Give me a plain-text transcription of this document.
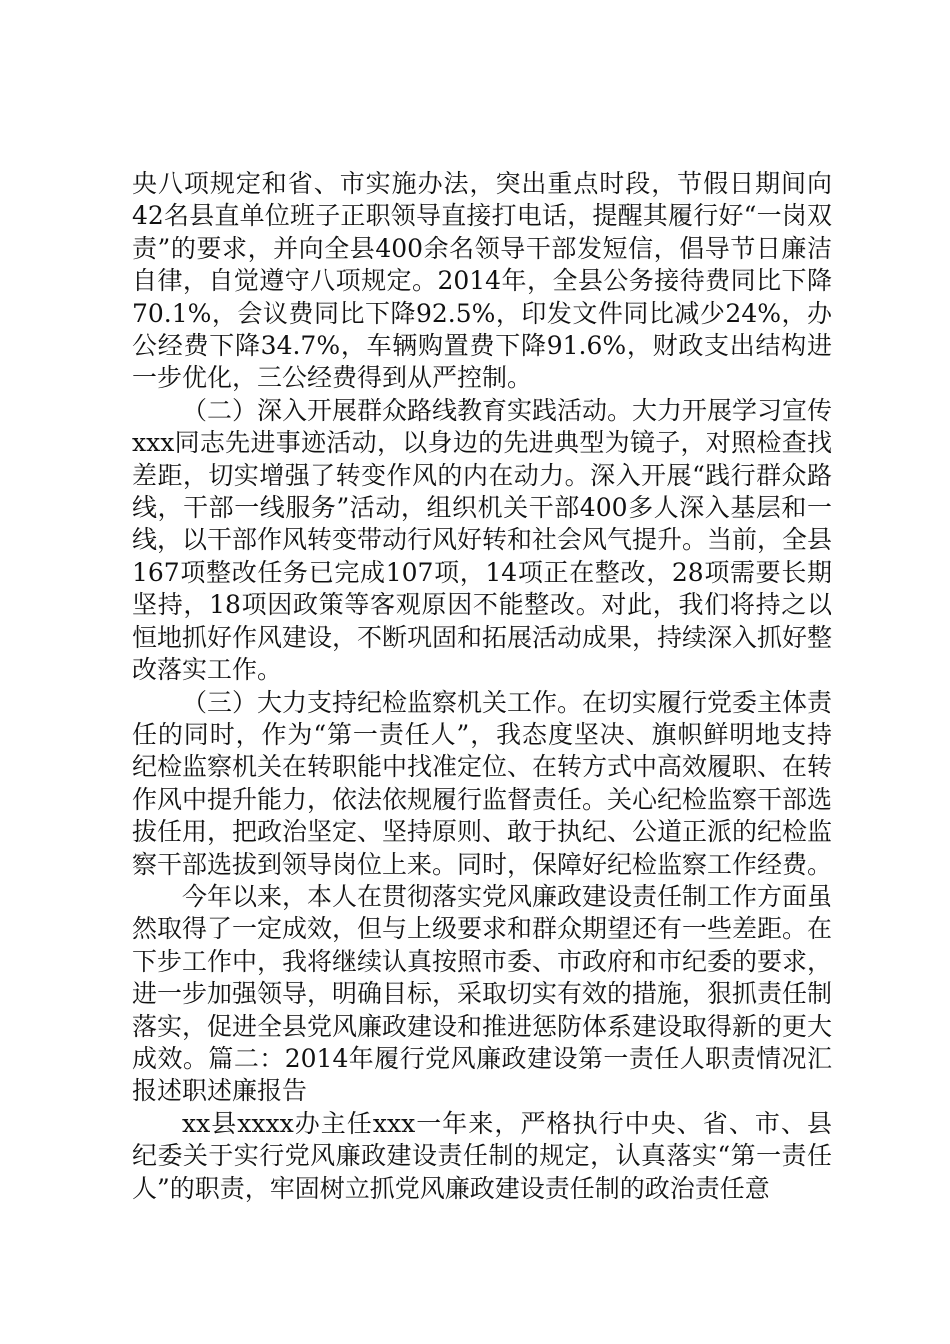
央八项规定和省、市实施办法，突出重点时段，节假日期间向42名县直单位班子正职领导直接打电话，提醒其履行好“一岗双责”的要求，并向全县400余名领导干部发短信，倡导节日廉洁自律，自觉遵守八项规定。2014年，全县公务接待费同比下降70.1%，会议费同比下降92.5%，印发文件同比减少24%，办公经费下降34.7%，车辆购置费下降91.6%，财政支出结构进一步优化，三公经费得到从严控制。

（二）深入开展群众路线教育实践活动。大力开展学习宣传xxx同志先进事迹活动，以身边的先进典型为镜子，对照检查找差距，切实增强了转变作风的内在动力。深入开展“践行群众路线，干部一线服务”活动，组织机关干部400多人深入基层和一线，以干部作风转变带动行风好转和社会风气提升。当前，全县167项整改任务已完成107项，14项正在整改，28项需要长期坚持，18项因政策等客观原因不能整改。对此，我们将持之以恒地抓好作风建设，不断巩固和拓展活动成果，持续深入抓好整改落实工作。

（三）大力支持纪检监察机关工作。在切实履行党委主体责任的同时，作为“第一责任人”，我态度坚决、旗帜鲜明地支持纪检监察机关在转职能中找准定位、在转方式中高效履职、在转作风中提升能力，依法依规履行监督责任。关心纪检监察干部选拔任用，把政治坚定、坚持原则、敢于执纪、公道正派的纪检监察干部选拔到领导岗位上来。同时，保障好纪检监察工作经费。

今年以来，本人在贯彻落实党风廉政建设责任制工作方面虽然取得了一定成效，但与上级要求和群众期望还有一些差距。在下步工作中，我将继续认真按照市委、市政府和市纪委的要求，进一步加强领导，明确目标，采取切实有效的措施，狠抓责任制落实，促进全县党风廉政建设和推进惩防体系建设取得新的更大成效。篇二：2014年履行党风廉政建设第一责任人职责情况汇报述职述廉报告

xx县xxxx办主任xxx一年来，严格执行中央、省、市、县纪委关于实行党风廉政建设责任制的规定，认真落实“第一责任人”的职责，牢固树立抓党风廉政建设责任制的政治责任意
